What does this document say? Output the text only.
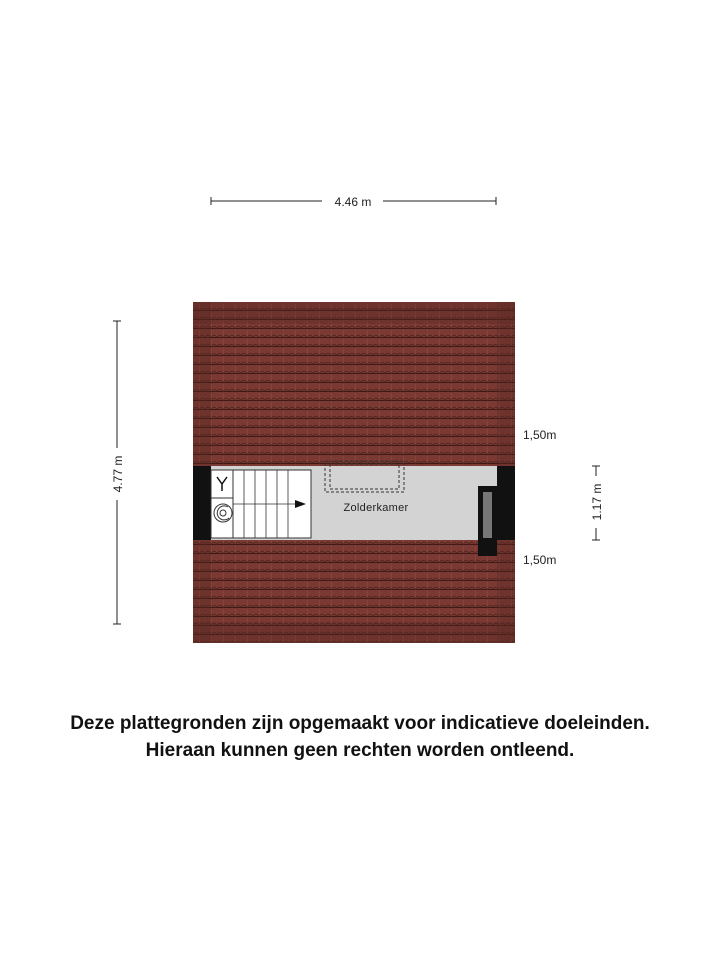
4.46 m
4.77 m
1.17 m
1,50m
1,50m
Zolderkamer
Deze plattegronden zijn opgemaakt voor indicatieve doeleinden.
Hieraan kunnen geen rechten worden ontleend.
